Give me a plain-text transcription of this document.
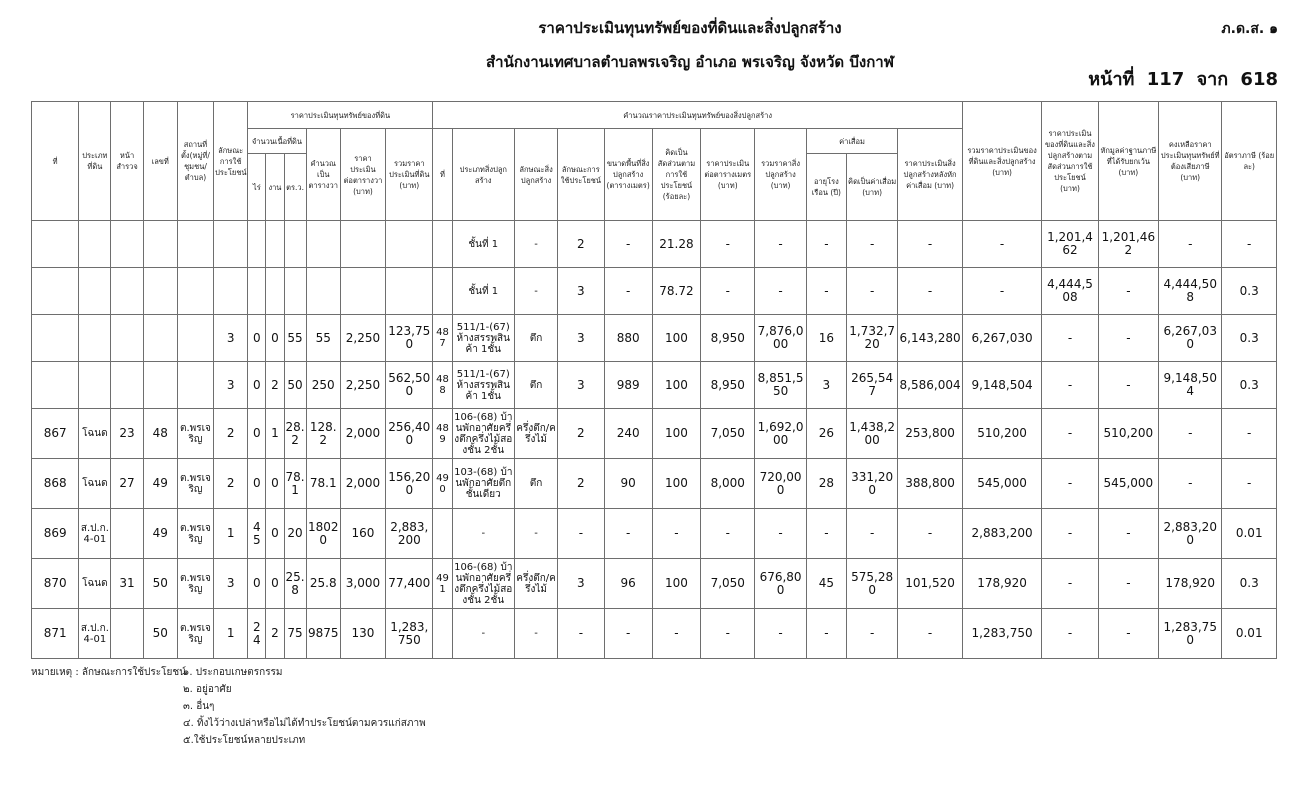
ราคาประเมินทุนทรัพย์ของที่ดินและสิ่งปลูกสร้าง
สำนักงานเทศบาลตำบลพรเจริญ อำเภอ พรเจริญ จังหวัด บึงกาฬ
ภ.ด.ส. ๑
หน้าที่ 117 จาก 618
ที่	ประเภทที่ดิน	หน้าสำรวจ	เลขที่	สถานที่ตั้ง(หมู่ที่/ชุมชน/ตำบล)	ลักษณะการใช้ประโยชน์	ราคาประเมินทุนทรัพย์ของที่ดิน						คำนวณราคาประเมินทุนทรัพย์ของสิ่งปลูกสร้าง											รวมราคาประเมินของที่ดินและสิ่งปลูกสร้าง (บาท)	ราคาประเมินของที่ดินและสิ่งปลูกสร้างตามสัดส่วนการใช้ประโยชน์ (บาท)	หักมูลค่าฐานภาษีที่ได้รับยกเว้น (บาท)	คงเหลือราคาประเมินทุนทรัพย์ที่ต้องเสียภาษี (บาท)	อัตราภาษี (ร้อยละ)
						จำนวนเนื้อที่ดิน			คำนวณเป็นตารางวา	ราคาประเมินต่อตารางวา (บาท)	รวมราคาประเมินที่ดิน (บาท)	ที่	ประเภทสิ่งปลูกสร้าง	ลักษณะสิ่งปลูกสร้าง	ลักษณะการใช้ประโยชน์	ขนาดพื้นที่สิ่งปลูกสร้าง (ตารางเมตร)	คิดเป็นสัดส่วนตามการใช้ประโยชน์ (ร้อยละ)	ราคาประเมินต่อตารางเมตร (บาท)	รวมราคาสิ่งปลูกสร้าง (บาท)	ค่าเสื่อม		ราคาประเมินสิ่งปลูกสร้างหลังหักค่าเสื่อม (บาท)					
						ไร่	งาน	ตร.ว.												อายุโรงเรือน (ปี)	คิดเป็นค่าเสื่อม (บาท)						
													ชั้นที่ 1	-	2	-	21.28	-	-	-	-	-	-	1,201,462	1,201,462	-	-
													ชั้นที่ 1	-	3	-	78.72	-	-	-	-	-	-	4,444,508	-	4,444,508	0.3
					3	0	0	55	55	2,250	123,750	487	511/1-(67) ห้างสรรพสินค้า 1ชั้น	ตึก	3	880	100	8,950	7,876,000	16	1,732,720	6,143,280	6,267,030	-	-	6,267,030	0.3
					3	0	2	50	250	2,250	562,500	488	511/1-(67) ห้างสรรพสินค้า 1ชั้น	ตึก	3	989	100	8,950	8,851,550	3	265,547	8,586,004	9,148,504	-	-	9,148,504	0.3
867	โฉนด	23	48	ต.พรเจริญ	2	0	1	28.2	128.2	2,000	256,400	489	106-(68) บ้านพักอาศัยครึ่งตึกครึ่งไม้สองชั้น 2ชั้น	ครึ่งตึก/ครึ่งไม้	2	240	100	7,050	1,692,000	26	1,438,200	253,800	510,200	-	510,200	-	-
868	โฉนด	27	49	ต.พรเจริญ	2	0	0	78.1	78.1	2,000	156,200	490	103-(68) บ้านพักอาศัยตึกชั้นเดียว	ตึก	2	90	100	8,000	720,000	28	331,200	388,800	545,000	-	545,000	-	-
869	ส.ป.ก. 4-01		49	ต.พรเจริญ	1	45	0	20	18020	160	2,883,200		-	-	-	-	-	-	-	-	-	-	2,883,200	-	-	2,883,200	0.01
870	โฉนด	31	50	ต.พรเจริญ	3	0	0	25.8	25.8	3,000	77,400	491	106-(68) บ้านพักอาศัยครึ่งตึกครึ่งไม้สองชั้น 2ชั้น	ครึ่งตึก/ครึ่งไม้	3	96	100	7,050	676,800	45	575,280	101,520	178,920	-	-	178,920	0.3
871	ส.ป.ก. 4-01		50	ต.พรเจริญ	1	24	2	75	9875	130	1,283,750		-	-	-	-	-	-	-	-	-	-	1,283,750	-	-	1,283,750	0.01
หมายเหตุ : ลักษณะการใช้ประโยชน์๑. ประกอบเกษตรกรรม
๒. อยู่อาศัย
๓. อื่นๆ
๔. ทิ้งไว้ว่างเปล่าหรือไม่ได้ทำประโยชน์ตามควรแก่สภาพ
๕.ใช้ประโยชน์หลายประเภท
